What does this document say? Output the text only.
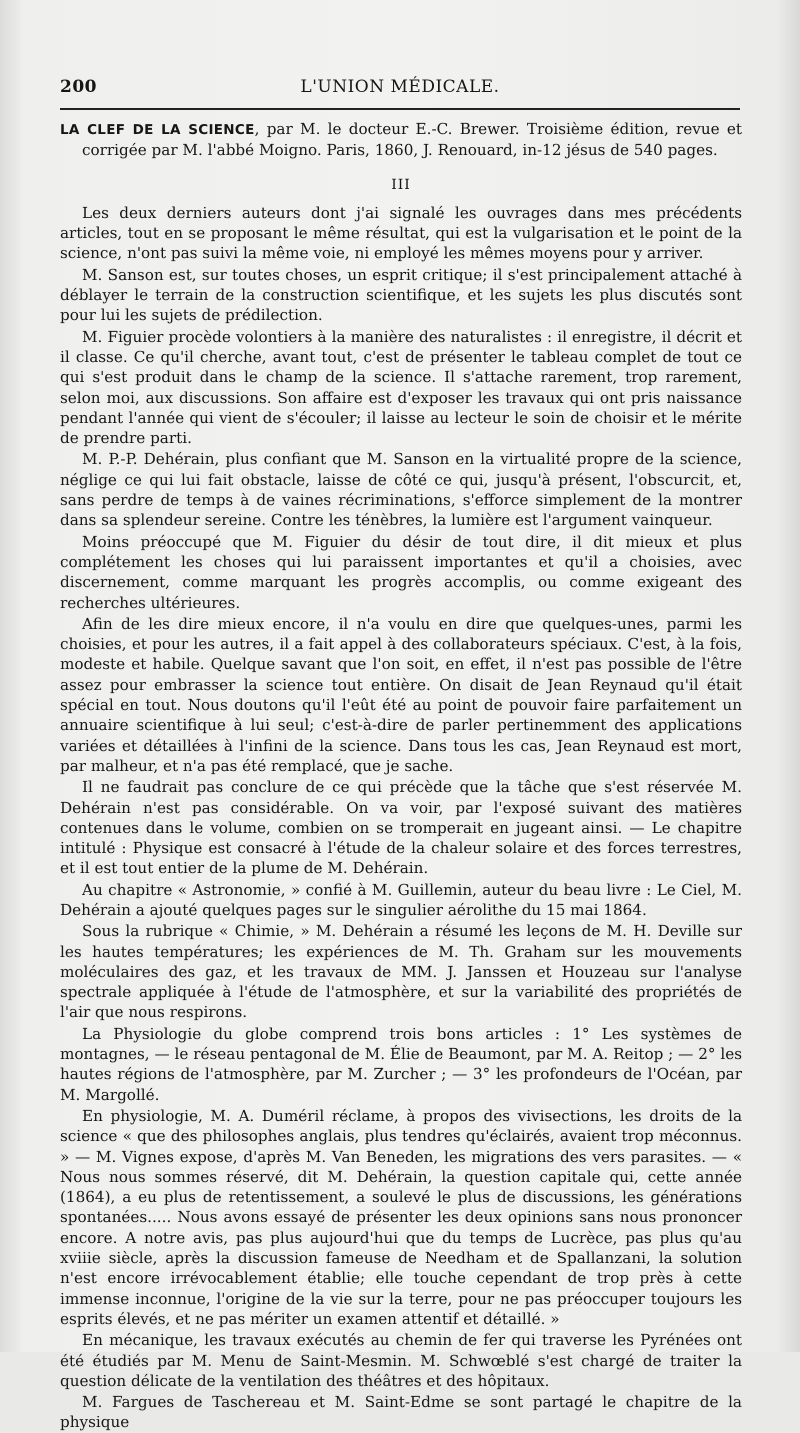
200	L'UNION MÉDICALE.

LA CLEF DE LA SCIENCE, par M. le docteur E.-C. Brewer. Troisième édition, revue et corrigée par M. l'abbé Moigno. Paris, 1860, J. Renouard, in-12 jésus de 540 pages.

III

Les deux derniers auteurs dont j'ai signalé les ouvrages dans mes précédents articles, tout en se proposant le même résultat, qui est la vulgarisation et le point de la science, n'ont pas suivi la même voie, ni employé les mêmes moyens pour y arriver.

M. Sanson est, sur toutes choses, un esprit critique; il s'est principalement attaché à déblayer le terrain de la construction scientifique, et les sujets les plus discutés sont pour lui les sujets de prédilection.

M. Figuier procède volontiers à la manière des naturalistes : il enregistre, il décrit et il classe. Ce qu'il cherche, avant tout, c'est de présenter le tableau complet de tout ce qui s'est produit dans le champ de la science. Il s'attache rarement, trop rarement, selon moi, aux discussions. Son affaire est d'exposer les travaux qui ont pris naissance pendant l'année qui vient de s'écouler; il laisse au lecteur le soin de choisir et le mérite de prendre parti.

M. P.-P. Dehérain, plus confiant que M. Sanson en la virtualité propre de la science, néglige ce qui lui fait obstacle, laisse de côté ce qui, jusqu'à présent, l'obscurcit, et, sans perdre de temps à de vaines récriminations, s'efforce simplement de la montrer dans sa splendeur sereine. Contre les ténèbres, la lumière est l'argument vainqueur.

Moins préoccupé que M. Figuier du désir de tout dire, il dit mieux et plus complétement les choses qui lui paraissent importantes et qu'il a choisies, avec discernement, comme marquant les progrès accomplis, ou comme exigeant des recherches ultérieures.

Afin de les dire mieux encore, il n'a voulu en dire que quelques-unes, parmi les choisies, et pour les autres, il a fait appel à des collaborateurs spéciaux. C'est, à la fois, modeste et habile. Quelque savant que l'on soit, en effet, il n'est pas possible de l'être assez pour embrasser la science tout entière. On disait de Jean Reynaud qu'il était spécial en tout. Nous doutons qu'il l'eût été au point de pouvoir faire parfaitement un annuaire scientifique à lui seul; c'est-à-dire de parler pertinemment des applications variées et détaillées à l'infini de la science. Dans tous les cas, Jean Reynaud est mort, par malheur, et n'a pas été remplacé, que je sache.

Il ne faudrait pas conclure de ce qui précède que la tâche que s'est réservée M. Dehérain n'est pas considérable. On va voir, par l'exposé suivant des matières contenues dans le volume, combien on se tromperait en jugeant ainsi. — Le chapitre intitulé : Physique est consacré à l'étude de la chaleur solaire et des forces terrestres, et il est tout entier de la plume de M. Dehérain.

Au chapitre « Astronomie, » confié à M. Guillemin, auteur du beau livre : Le Ciel, M. Dehérain a ajouté quelques pages sur le singulier aérolithe du 15 mai 1864.

Sous la rubrique « Chimie, » M. Dehérain a résumé les leçons de M. H. Deville sur les hautes températures; les expériences de M. Th. Graham sur les mouvements moléculaires des gaz, et les travaux de MM. J. Janssen et Houzeau sur l'analyse spectrale appliquée à l'étude de l'atmosphère, et sur la variabilité des propriétés de l'air que nous respirons.

La Physiologie du globe comprend trois bons articles : 1° Les systèmes de montagnes, — le réseau pentagonal de M. Élie de Beaumont, par M. A. Reitop ; — 2° les hautes régions de l'atmosphère, par M. Zurcher ; — 3° les profondeurs de l'Océan, par M. Margollé.

En physiologie, M. A. Duméril réclame, à propos des vivisections, les droits de la science « que des philosophes anglais, plus tendres qu'éclairés, avaient trop méconnus. » — M. Vignes expose, d'après M. Van Beneden, les migrations des vers parasites. — « Nous nous sommes réservé, dit M. Dehérain, la question capitale qui, cette année (1864), a eu plus de retentissement, a soulevé le plus de discussions, les générations spontanées..... Nous avons essayé de présenter les deux opinions sans nous prononcer encore. A notre avis, pas plus aujourd'hui que du temps de Lucrèce, pas plus qu'au xviiie siècle, après la discussion fameuse de Needham et de Spallanzani, la solution n'est encore irrévocablement établie; elle touche cependant de trop près à cette immense inconnue, l'origine de la vie sur la terre, pour ne pas préoccuper toujours les esprits élevés, et ne pas mériter un examen attentif et détaillé. »

En mécanique, les travaux exécutés au chemin de fer qui traverse les Pyrénées ont été étudiés par M. Menu de Saint-Mesmin. M. Schwœblé s'est chargé de traiter la question délicate de la ventilation des théâtres et des hôpitaux.

M. Fargues de Taschereau et M. Saint-Edme se sont partagé le chapitre de la physique
